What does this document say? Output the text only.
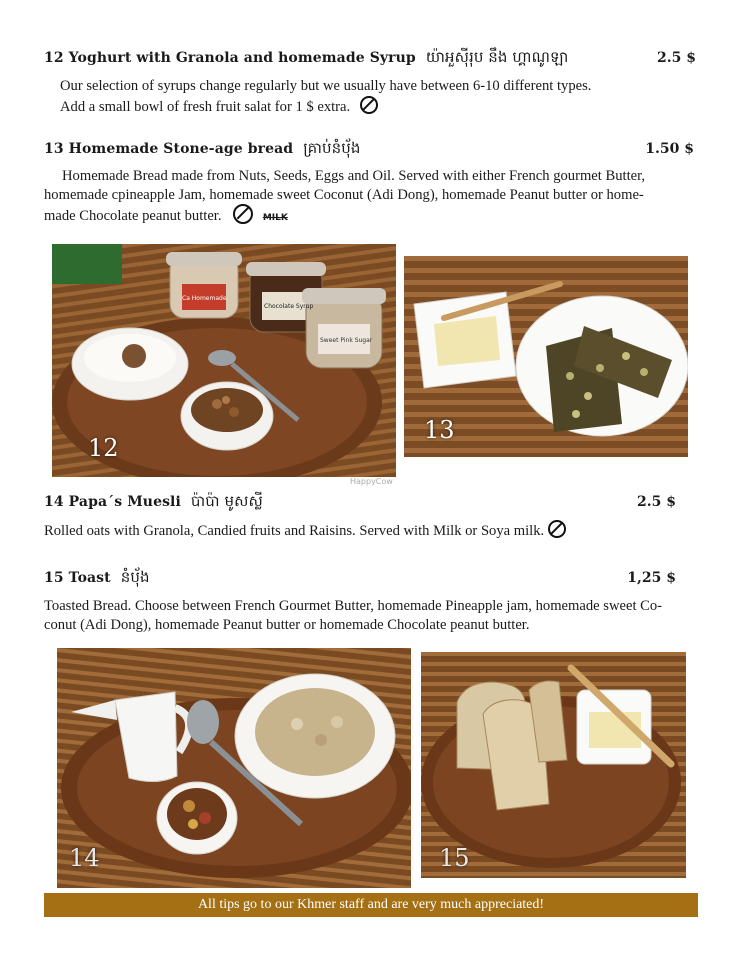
12 Yoghurt with Granola and homemade Syrup យ៉ាអួស៊ីរុប នឹង ហ្គាណូឡា	2.5 $
Our selection of syrups change regularly but we usually have between 6-10 different types.
Add a small bowl of fresh fruit salat for 1 $ extra.
13 Homemade Stone-age bread គ្រាប់នំប័ុង	1.50 $
Homemade Bread made from Nuts, Seeds, Eggs and Oil. Served with either French gourmet Butter,
homemade cpineapple Jam, homemade sweet Coconut (Adi Dong), homemade Peanut butter or home-
made Chocolate peanut butter.	MILK
Ca Homemade
Chocolate Syrup
Sweet Pink Sugar
12
13
HappyCow
14 Papa´s Muesli ប៉ាប៉ា មូសស្លី	2.5 $
Rolled oats with Granola, Candied fruits and Raisins. Served with Milk or Soya milk.
15 Toast នំប័ុង	1,25 $
Toasted Bread. Choose between French Gourmet Butter, homemade Pineapple jam, homemade sweet Co-
conut (Adi Dong), homemade Peanut butter or homemade Chocolate peanut butter.
14	15
All tips go to our Khmer staff and are very much appreciated!
